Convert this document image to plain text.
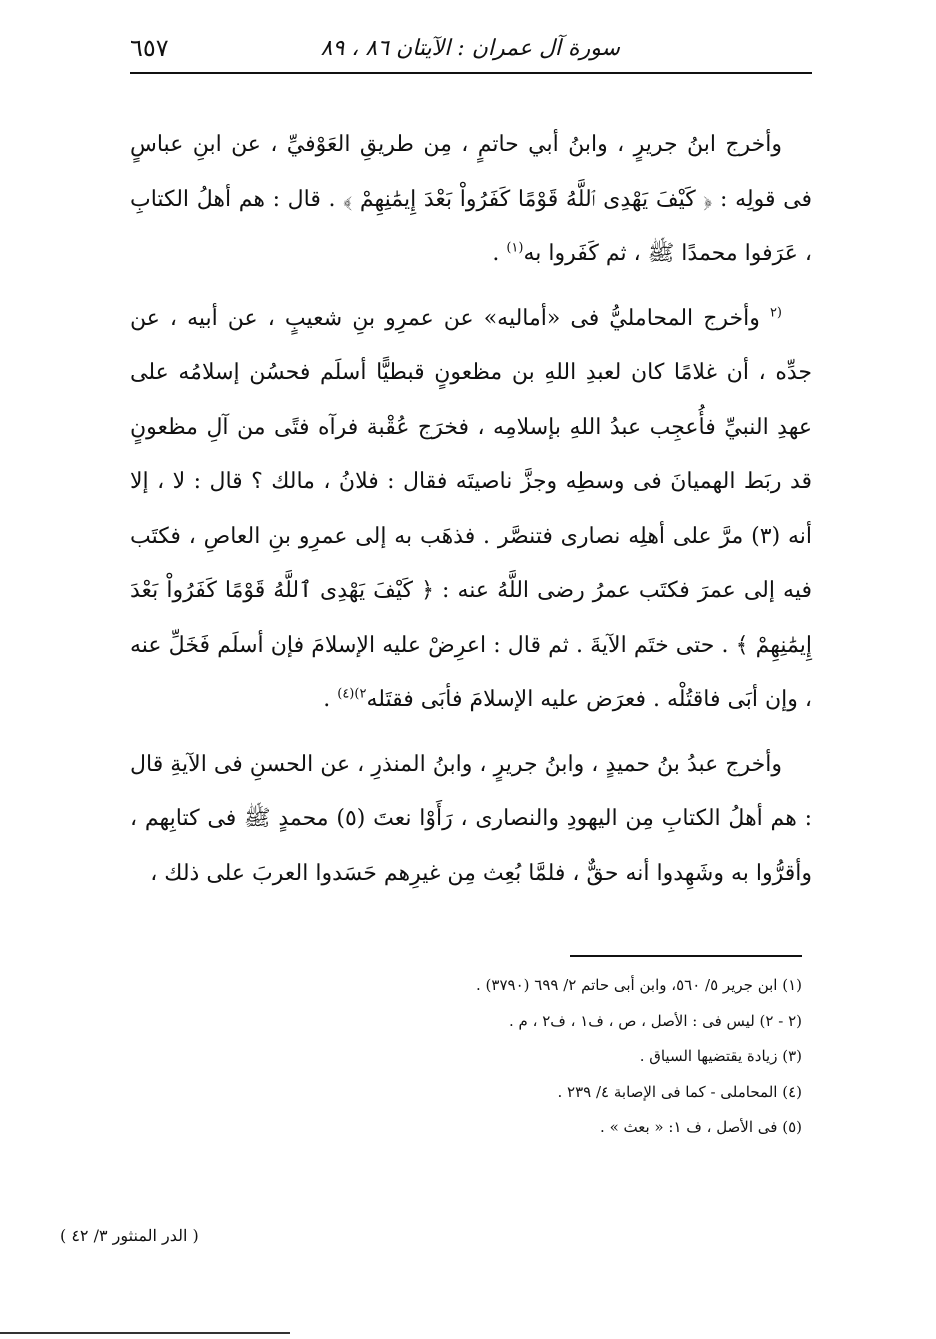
سورة آل عمران : الآيتان ٨٦ ، ٨٩
٦٥٧

وأخرج ابنُ جريرٍ ، وابنُ أبي حاتمٍ ، مِن طريقِ العَوْفيِّ ، عن ابنِ عباسٍ فى قولِه : ﴿ كَيْفَ يَهْدِى ٱللَّهُ قَوْمًا كَفَرُواْ بَعْدَ إِيمَٰنِهِمْ ﴾ . قال : هم أهلُ الكتابِ ، عَرَفوا محمدًا ﷺ ، ثم كَفَروا به$^{(١)}$ .

$^{(٢}$ وأخرج المحامليُّ فى «أماليه» عن عمرِو بنِ شعيبٍ ، عن أبيه ، عن جدِّه ، أن غلامًا كان لعبدِ اللهِ بن مظعونٍ قبطيًّا أسلَم فحسُن إسلامُه على عهدِ النبيِّ فأُعجِب عبدُ اللهِ بإسلامِه ، فخرَج عُقْبة فرآه فتًى من آلِ مظعونٍ قد ربَط الهميانَ فى وسطِه وجزَّ ناصيتَه فقال : فلانُ ، مالك ؟ قال : لا ، إلا أنه (٣) مرَّ على أهلِه نصارى فتنصَّر . فذهَب به إلى عمرِو بنِ العاصِ ، فكتَب فيه إلى عمرَ فكتَب عمرُ رضى اللَّهُ عنه : ﴿ كَيْفَ يَهْدِى ٱللَّهُ قَوْمًا كَفَرُواْ بَعْدَ إِيمَٰنِهِمْ ﴾ . حتى ختَم الآيةَ . ثم قال : اعرِضْ عليه الإسلامَ فإن أسلَم فَخَلِّ عنه ، وإن أبَى فاقتُلْه . فعرَض عليه الإسلامَ فأبَى فقتَله$^{٢)(٤)}$ .

وأخرج عبدُ بنُ حميدٍ ، وابنُ جريرٍ ، وابنُ المنذرِ ، عن الحسنِ فى الآيةِ قال : هم أهلُ الكتابِ مِن اليهودِ والنصارى ، رَأَوْا نعتَ (٥) محمدٍ ﷺ فى كتابِهم ، وأقرُّوا به وشَهِدوا أنه حقٌّ ، فلمَّا بُعِث مِن غيرِهم حَسَدوا العربَ على ذلك ،

(١) ابن جرير ٥/ ٥٦٠، وابن أبى حاتم ٢/ ٦٩٩ (٣٧٩٠) .
(٢ - ٢) ليس فى : الأصل ، ص ، ف١ ، ف٢ ، م .
(٣) زيادة يقتضيها السياق .
(٤) المحاملى - كما فى الإصابة ٤/ ٢٣٩ .
(٥) فى الأصل ، ف ١: « بعث » .
( الدر المنثور ٣/ ٤٢ )
